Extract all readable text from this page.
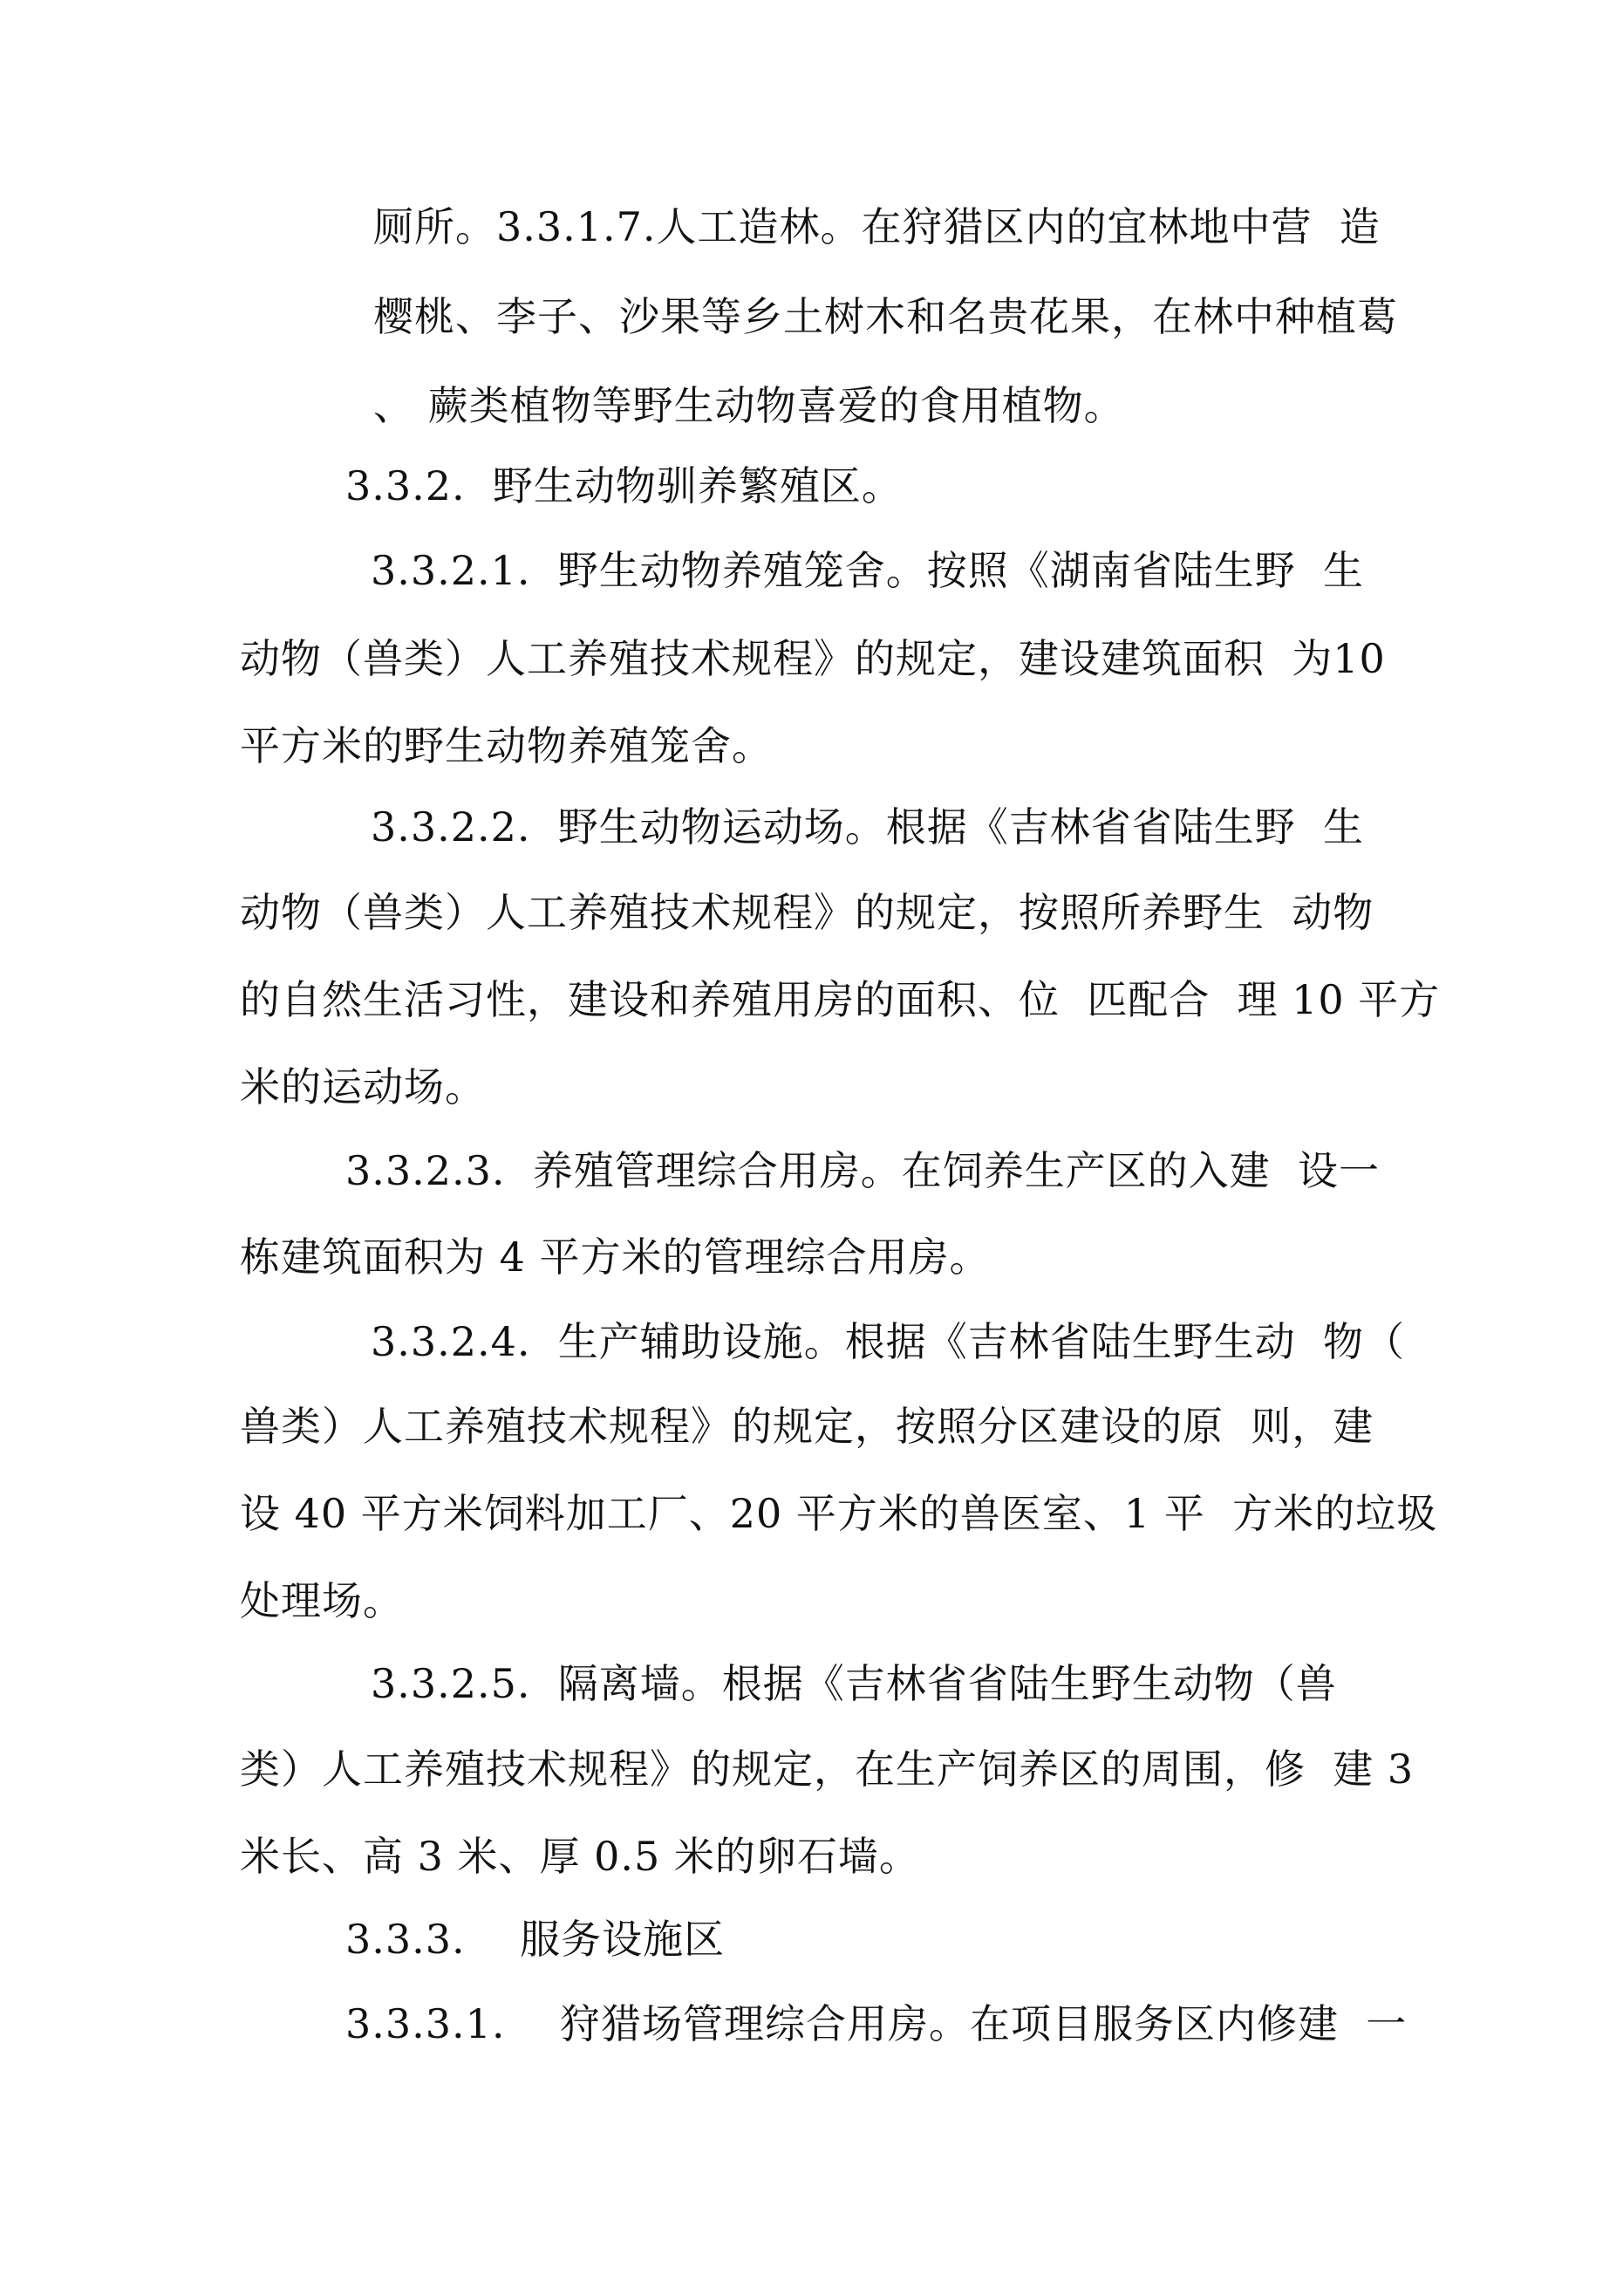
厕所。3.3.1.7.人工造林。在狩猎区内的宜林地中营  造
樱桃、李子、沙果等乡土树木和名贵花果，在林中种植葛
、 蕨类植物等野生动物喜爱的食用植物。
3.3.2.  野生动物驯养繁殖区。
3.3.2.1.  野生动物养殖笼舍。按照《湖南省陆生野  生
动物（兽类）人工养殖技术规程》的规定，建设建筑面积  为10
平方米的野生动物养殖笼舍。
3.3.2.2.  野生动物运动场。根据《吉林省省陆生野  生
动物（兽类）人工养殖技术规程》的规定，按照所养野生  动物
的自然生活习性，建设和养殖用房的面积、位  匹配合  理 10 平方
米的运动场。
3.3.2.3.  养殖管理综合用房。在饲养生产区的入建  设一
栋建筑面积为 4 平方米的管理综合用房。
3.3.2.4.  生产辅助设施。根据《吉林省陆生野生动  物（
兽类）人工养殖技术规程》的规定，按照分区建设的原  则，建
设 40 平方米饲料加工厂、20 平方米的兽医室、1 平  方米的垃圾
处理场。
3.3.2.5.  隔离墙。根据《吉林省省陆生野生动物（兽
类）人工养殖技术规程》的规定，在生产饲养区的周围，修  建 3
米长、高 3 米、厚 0.5 米的卵石墙。
3.3.3.    服务设施区
3.3.3.1.    狩猎场管理综合用房。在项目服务区内修建  一
